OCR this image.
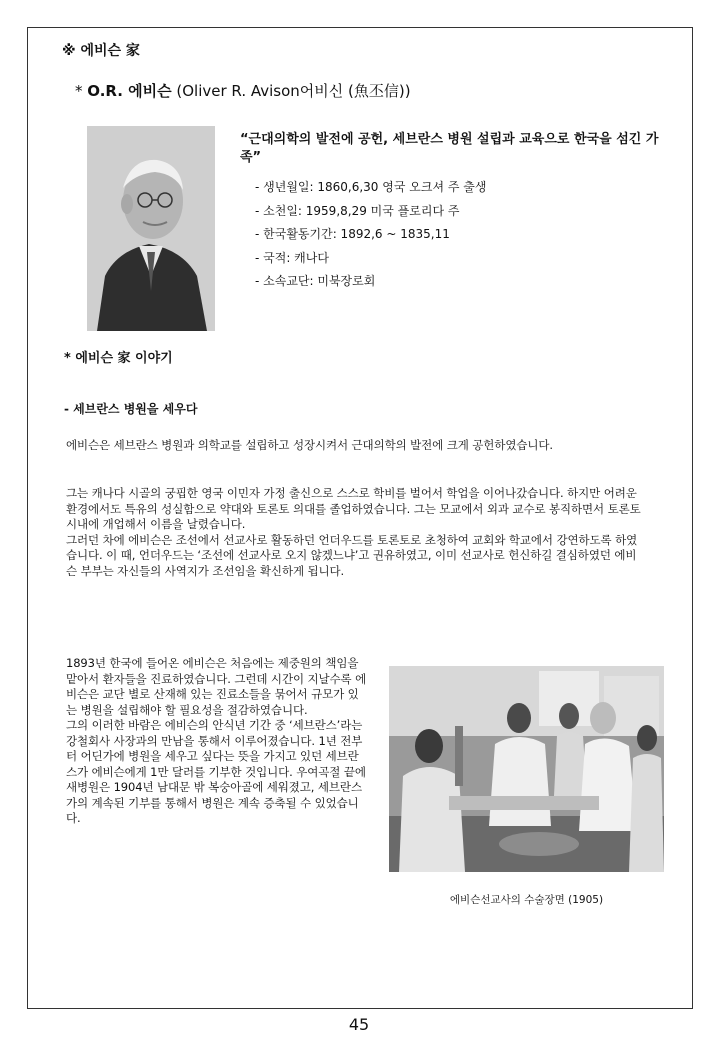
※ 에비슨 家
* O.R. 에비슨 (Oliver R. Avison어비신 (魚丕信))
“근대의학의 발전에 공헌, 세브란스 병원 설립과 교육으로 한국을 섬긴 가족”
- 생년월일: 1860,6,30 영국 오크셔 주 출생
- 소천일: 1959,8,29 미국 플로리다 주
- 한국활동기간: 1892,6 ~ 1835,11
- 국적: 캐나다
- 소속교단: 미북장로회
* 에비슨 家 이야기
- 세브란스 병원을 세우다

에비슨은 세브란스 병원과 의학교를 설립하고 성장시켜서 근대의학의 발전에 크게 공헌하였습니다.

그는 캐나다 시골의 궁핍한 영국 이민자 가정 출신으로 스스로 학비를 벌어서 학업을 이어나갔습니다. 하지만 어려운 환경에서도 특유의 성실함으로 약대와 토론토 의대를 졸업하였습니다. 그는 모교에서 외과 교수로 봉직하면서 토론토 시내에 개업해서 이름을 날렸습니다.
그러던 차에 에비슨은 조선에서 선교사로 활동하던 언더우드를 토론토로 초청하여 교회와 학교에서 강연하도록 하였습니다. 이 때, 언더우드는 ‘조선에 선교사로 오지 않겠느냐’고 권유하였고, 이미 선교사로 헌신하길 결심하였던 에비슨 부부는 자신들의 사역지가 조선임을 확신하게 됩니다.

1893년 한국에 들어온 에비슨은 처음에는 제중원의 책임을 맡아서 환자들을 진료하였습니다. 그런데 시간이 지날수록 에비슨은 교단 별로 산재해 있는 진료소들을 묶어서 규모가 있는 병원을 설립해야 할 필요성을 절감하였습니다.
그의 이러한 바람은 에비슨의 안식년 기간 중 ‘세브란스’라는 강철회사 사장과의 만남을 통해서 이루어졌습니다. 1년 전부터 어딘가에 병원을 세우고 싶다는 뜻을 가지고 있던 세브란스가 에비슨에게 1만 달러를 기부한 것입니다. 우여곡절 끝에 새병원은 1904년 남대문 밖 복숭아골에 세워졌고, 세브란스가의 계속된 기부를 통해서 병원은 계속 증축될 수 있었습니다.

에비슨선교사의 수술장면 (1905)
45
